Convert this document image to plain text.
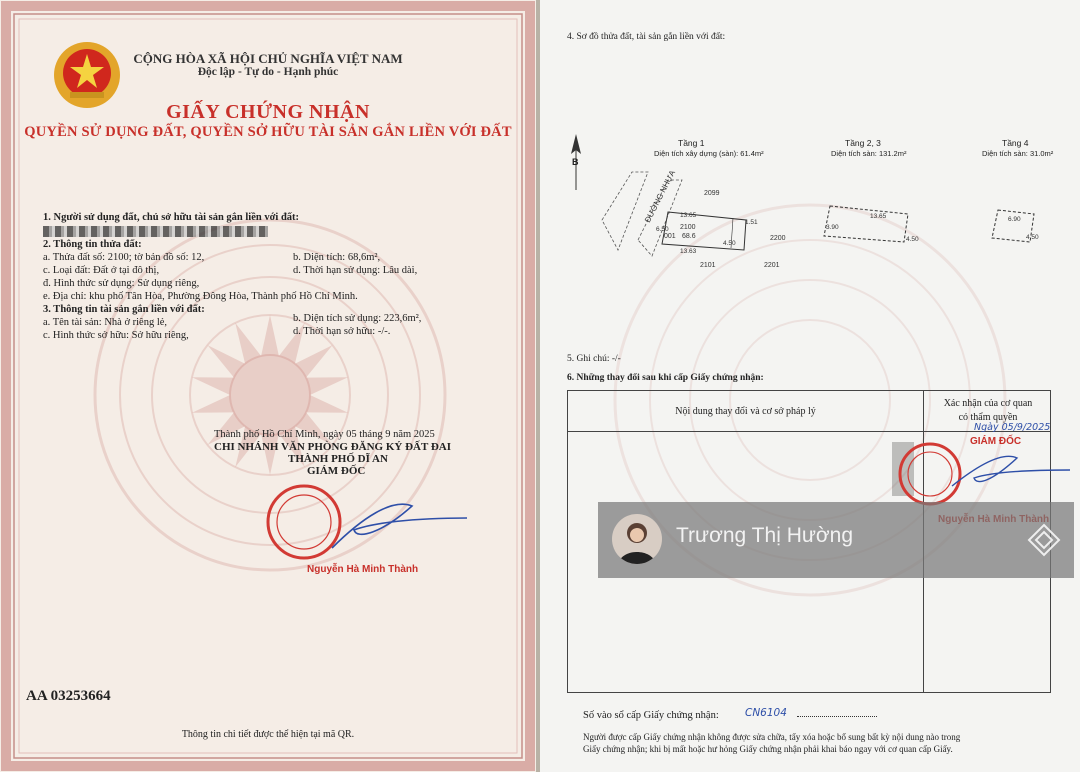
CỘNG HÒA XÃ HỘI CHỦ NGHĨA VIỆT NAM
Độc lập - Tự do - Hạnh phúc
GIẤY CHỨNG NHẬN
QUYỀN SỬ DỤNG ĐẤT, QUYỀN SỞ HỮU TÀI SẢN GẮN LIỀN VỚI ĐẤT
1. Người sử dụng đất, chủ sở hữu tài sản gắn liền với đất:
2. Thông tin thửa đất:
a. Thửa đất số: 2100; tờ bản đồ số: 12,	b. Diện tích: 68,6m²,
c. Loại đất: Đất ở tại đô thị,	d. Thời hạn sử dụng: Lâu dài,
đ. Hình thức sử dụng: Sử dụng riêng,
e. Địa chỉ: khu phố Tân Hòa, Phường Đông Hòa, Thành phố Hồ Chí Minh.
3. Thông tin tài sản gắn liền với đất:
a. Tên tài sản: Nhà ở riêng lẻ,	b. Diện tích sử dụng: 223,6m²,
c. Hình thức sở hữu: Sở hữu riêng,	d. Thời hạn sở hữu: -/-.
Thành phố Hồ Chí Minh, ngày 05 tháng 9 năm 2025
CHI NHÁNH VĂN PHÒNG ĐĂNG KÝ ĐẤT ĐAI
THÀNH PHỐ DĨ AN
GIÁM ĐỐC
Nguyễn Hà Minh Thành
AA 03253664
Thông tin chi tiết được thể hiện tại mã QR.
4. Sơ đồ thửa đất, tài sản gắn liền với đất:
Tầng 1
Diện tích xây dựng (sàn): 61.4m²
Tầng 2, 3
Diện tích sàn: 131.2m²
Tầng 4
Diện tích sàn: 31.0m²
B
ĐƯỜNG NHỰA	2099
2100
2200
2101	2201
001 68.6
13.65
1.51
4.50
13.63
6.50
13.65
3.90
4.50
6.90
4.50
5. Ghi chú: -/-
6. Những thay đổi sau khi cấp Giấy chứng nhận:
Nội dung thay đổi và cơ sở pháp lý
Xác nhận của cơ quan
có thẩm quyền
Ngày 05/9/2025
GIÁM ĐỐC
Số vào sổ cấp Giấy chứng nhận:	CN6104
Người được cấp Giấy chứng nhận không được sửa chữa, tẩy xóa hoặc bổ sung bất kỳ nội dung nào trong
Giấy chứng nhận; khi bị mất hoặc hư hỏng Giấy chứng nhận phải khai báo ngay với cơ quan cấp Giấy.
Trương Thị Hường
